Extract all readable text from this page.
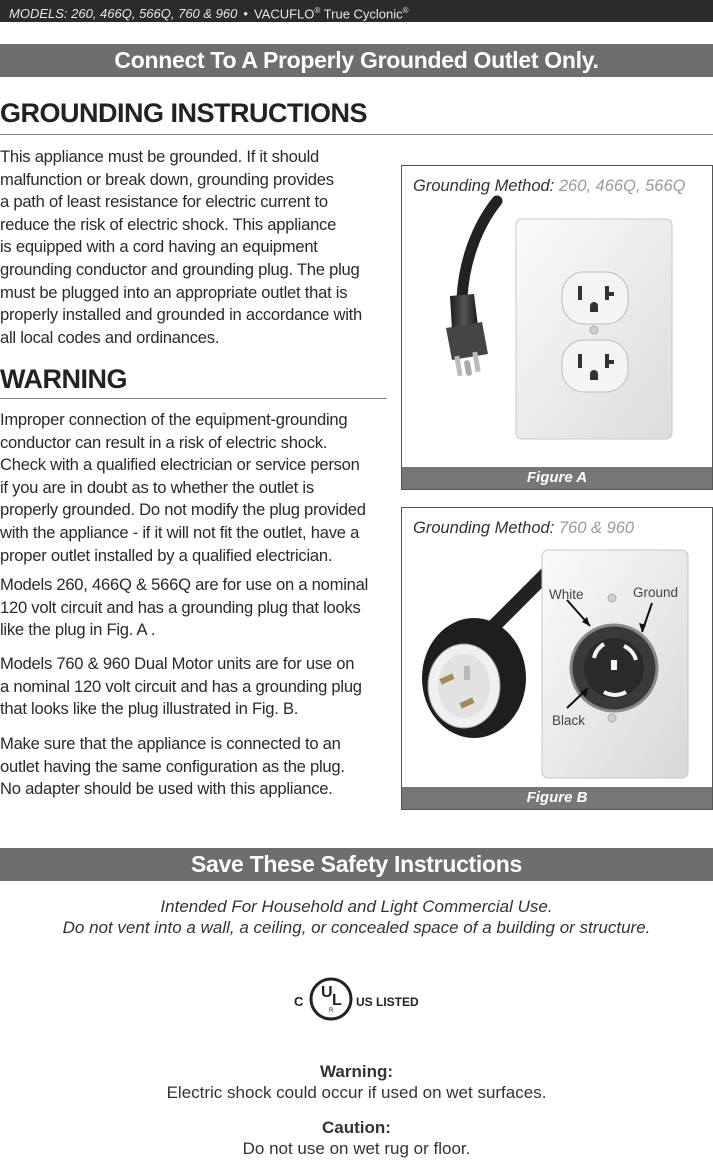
MODELS: 260, 466Q, 566Q, 760 & 960 • VACUFLO® True Cyclonic®
Connect To A Properly Grounded Outlet Only.
GROUNDING INSTRUCTIONS
This appliance must be grounded. If it should
malfunction or break down, grounding provides
a path of least resistance for electric current to
reduce the risk of electric shock. This appliance
is equipped with a cord having an equipment
grounding conductor and grounding plug. The plug
must be plugged into an appropriate outlet that is
properly installed and grounded in accordance with
all local codes and ordinances.
WARNING
Improper connection of the equipment-grounding
conductor can result in a risk of electric shock.
Check with a qualified electrician or service person
if you are in doubt as to whether the outlet is
properly grounded. Do not modify the plug provided
with the appliance - if it will not fit the outlet, have a
proper outlet installed by a qualified electrician.
Models 260, 466Q & 566Q are for use on a nominal
120 volt circuit and has a grounding plug that looks
like the plug in Fig. A .
Models 760 & 960 Dual Motor units are for use on
a nominal 120 volt circuit and has a grounding plug
that looks like the plug illustrated in Fig. B.
Make sure that the appliance is connected to an
outlet having the same configuration as the plug.
No adapter should be used with this appliance.
Grounding Method: 260, 466Q, 566Q
Figure A
Grounding Method: 760 & 960
White	Ground
Black
Figure B
Save These Safety Instructions
Intended For Household and Light Commercial Use.
Do not vent into a wall, a ceiling, or concealed space of a building or structure.
C
U L
R
US LISTED
Warning:
Electric shock could occur if used on wet surfaces.
Caution:
Do not use on wet rug or floor.
